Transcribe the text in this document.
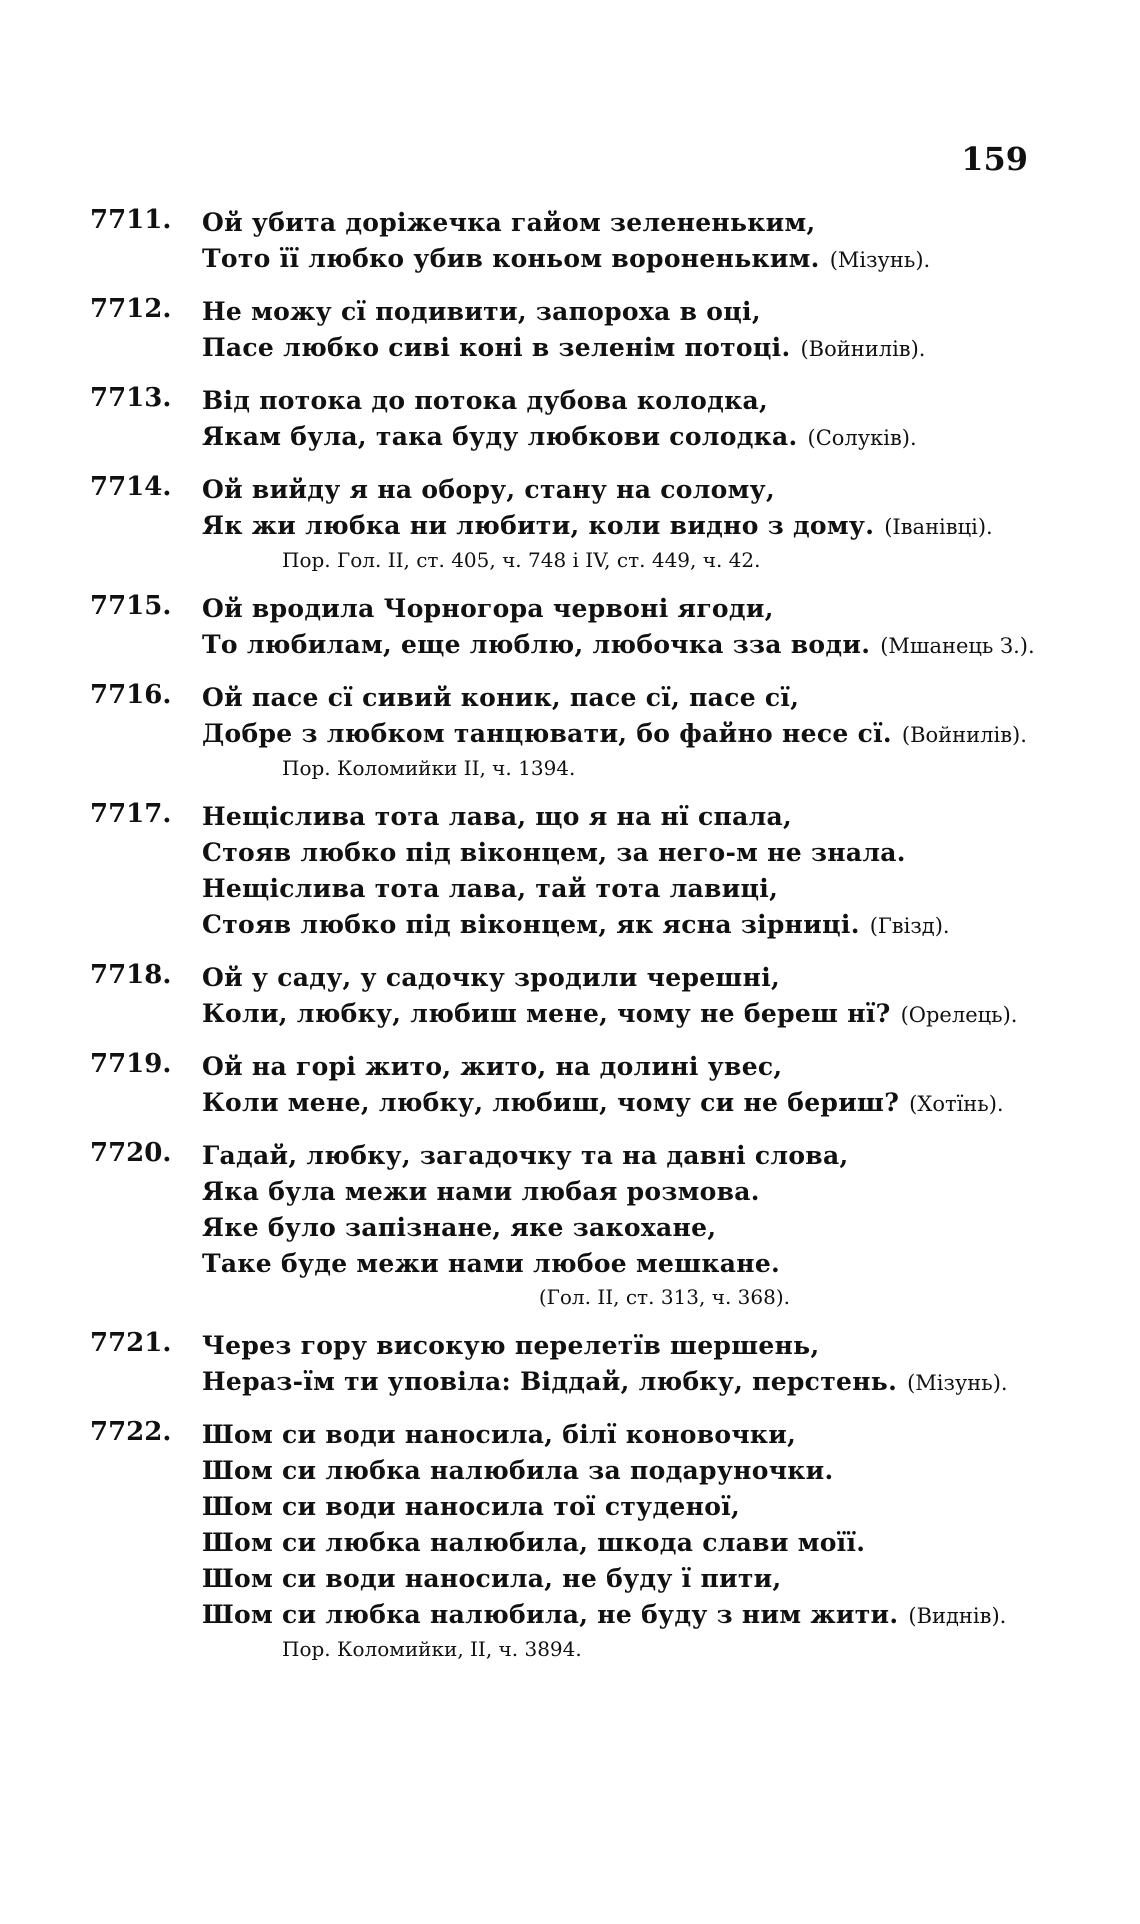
159
7711.	Ой убита доріжечка гайом зелененьким,
Тото її любко убив коньом вороненьким. (Мізунь).
7712.	Не можу сї подивити, запороха в оці,
Пасе любко сиві коні в зеленім потоці. (Войнилів).
7713.	Від потока до потока дубова колодка,
Якам була, така буду любкови солодка. (Солуків).
7714.	Ой вийду я на обору, стану на солому,
Як жи любка ни любити, коли видно з дому. (Іванівці).
Пор. Гол. II, ст. 405, ч. 748 і IV, ст. 449, ч. 42.
7715.	Ой вродила Чорногора червоні ягоди,
То любилам, еще люблю, любочка зза води. (Мшанець З.).
7716.	Ой пасе сї сивий коник, пасе сї, пасе сї,
Добре з любком танцювати, бо файно несе сї. (Войнилів).
Пор. Коломийки II, ч. 1394.
7717.	Нещіслива тота лава, що я на нї спала,
Стояв любко під віконцем, за него-м не знала.
Нещіслива тота лава, тай тота лавиці,
Стояв любко під віконцем, як ясна зірниці. (Гвізд).
7718.	Ой у саду, у садочку зродили черешні,
Коли, любку, любиш мене, чому не береш нї? (Орелець).
7719.	Ой на горі жито, жито, на долині увес,
Коли мене, любку, любиш, чому си не бериш? (Хотїнь).
7720.	Гадай, любку, загадочку та на давні слова,
Яка була межи нами любая розмова.
Яке було запізнане, яке закохане,
Таке буде межи нами любое мешкане.
(Гол. II, ст. 313, ч. 368).
7721.	Через гору високую перелетїв шершень,
Нераз-їм ти уповіла: Віддай, любку, перстень. (Мізунь).
7722.	Шом си води наносила, білї коновочки,
Шом си любка налюбила за подаруночки.
Шом си води наносила тої студеної,
Шом си любка налюбила, шкода слави моїї.
Шом си води наносила, не буду ї пити,
Шом си любка налюбила, не буду з ним жити. (Виднів).
Пор. Коломийки, II, ч. 3894.
